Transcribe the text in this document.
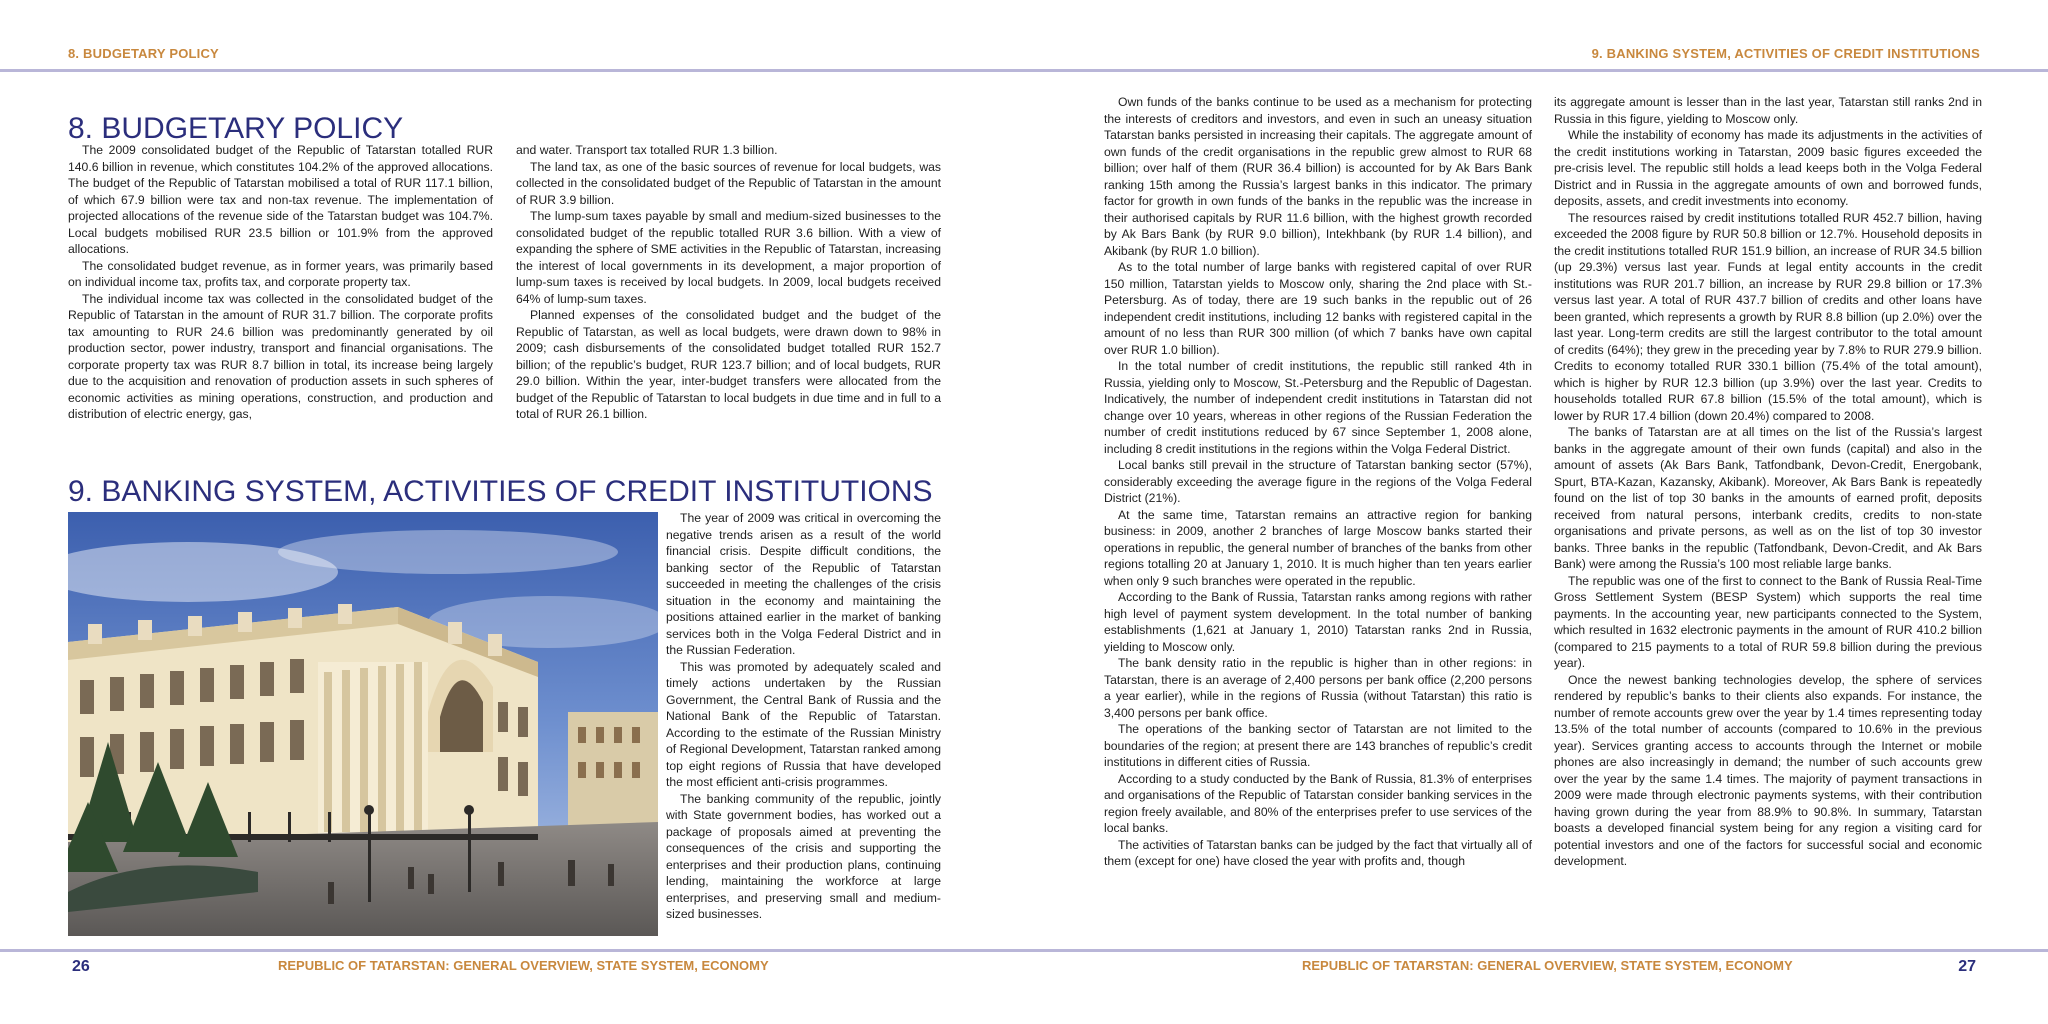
8. BUDGETARY POLICY	9. BANKING SYSTEM, ACTIVITIES OF CREDIT INSTITUTIONS
8. BUDGETARY POLICY

The 2009 consolidated budget of the Republic of Tatarstan totalled RUR 140.6 billion in revenue, which constitutes 104.2% of the approved allocations. The budget of the Republic of Tatarstan mobilised a total of RUR 117.1 billion, of which 67.9 billion were tax and non-tax revenue. The implementation of projected allocations of the revenue side of the Tatarstan budget was 104.7%. Local budgets mobilised RUR 23.5 billion or 101.9% from the approved allocations.

The consolidated budget revenue, as in former years, was primarily based on individual income tax, profits tax, and corporate property tax.

The individual income tax was collected in the consolidated budget of the Republic of Tatarstan in the amount of RUR 31.7 billion. The corporate profits tax amounting to RUR 24.6 billion was predominantly generated by oil production sector, power industry, transport and financial organisations. The corporate property tax was RUR 8.7 billion in total, its increase being largely due to the acquisition and renovation of production assets in such spheres of economic activities as mining operations, construction, and production and distribution of electric energy, gas,

and water. Transport tax totalled RUR 1.3 billion.

The land tax, as one of the basic sources of revenue for local budgets, was collected in the consolidated budget of the Republic of Tatarstan in the amount of RUR 3.9 billion.

The lump-sum taxes payable by small and medium-sized businesses to the consolidated budget of the republic totalled RUR 3.6 billion. With a view of expanding the sphere of SME activities in the Republic of Tatarstan, increasing the interest of local governments in its development, a major proportion of lump-sum taxes is received by local budgets. In 2009, local budgets received 64% of lump-sum taxes.

Planned expenses of the consolidated budget and the budget of the Republic of Tatarstan, as well as local budgets, were drawn down to 98% in 2009; cash disbursements of the consolidated budget totalled RUR 152.7 billion; of the republic’s budget, RUR 123.7 billion; and of local budgets, RUR 29.0 billion. Within the year, inter-budget transfers were allocated from the budget of the Republic of Tatarstan to local budgets in due time and in full to a total of RUR 26.1 billion.

9. BANKING SYSTEM, ACTIVITIES OF CREDIT INSTITUTIONS

The year of 2009 was critical in overcoming the negative trends arisen as a result of the world financial crisis. Despite difficult conditions, the banking sector of the Republic of Tatarstan succeeded in meeting the challenges of the crisis situation in the economy and maintaining the positions attained earlier in the market of banking services both in the Volga Federal District and in the Russian Federation.

This was promoted by adequately scaled and timely actions undertaken by the Russian Government, the Central Bank of Russia and the National Bank of the Republic of Tatarstan. According to the estimate of the Russian Ministry of Regional Development, Tatarstan ranked among top eight regions of Russia that have developed the most efficient anti-crisis programmes.

The banking community of the republic, jointly with State government bodies, has worked out a package of proposals aimed at preventing the consequences of the crisis and supporting the enterprises and their production plans, continuing lending, maintaining the workforce at large enterprises, and preserving small and medium-sized businesses.

Own funds of the banks continue to be used as a mechanism for protecting the interests of creditors and investors, and even in such an uneasy situation Tatarstan banks persisted in increasing their capitals. The aggregate amount of own funds of the credit organisations in the republic grew almost to RUR 68 billion; over half of them (RUR 36.4 billion) is accounted for by Ak Bars Bank ranking 15th among the Russia’s largest banks in this indicator. The primary factor for growth in own funds of the banks in the republic was the increase in their authorised capitals by RUR 11.6 billion, with the highest growth recorded by Ak Bars Bank (by RUR 9.0 billion), Intekhbank (by RUR 1.4 billion), and Akibank (by RUR 1.0 billion).

As to the total number of large banks with registered capital of over RUR 150 million, Tatarstan yields to Moscow only, sharing the 2nd place with St.-Petersburg. As of today, there are 19 such banks in the republic out of 26 independent credit institutions, including 12 banks with registered capital in the amount of no less than RUR 300 million (of which 7 banks have own capital over RUR 1.0 billion).

In the total number of credit institutions, the republic still ranked 4th in Russia, yielding only to Moscow, St.-Petersburg and the Republic of Dagestan. Indicatively, the number of independent credit institutions in Tatarstan did not change over 10 years, whereas in other regions of the Russian Federation the number of credit institutions reduced by 67 since September 1, 2008 alone, including 8 credit institutions in the regions within the Volga Federal District.

Local banks still prevail in the structure of Tatarstan banking sector (57%), considerably exceeding the average figure in the regions of the Volga Federal District (21%).

At the same time, Tatarstan remains an attractive region for banking business: in 2009, another 2 branches of large Moscow banks started their operations in republic, the general number of branches of the banks from other regions totalling 20 at January 1, 2010. It is much higher than ten years earlier when only 9 such branches were operated in the republic.

According to the Bank of Russia, Tatarstan ranks among regions with rather high level of payment system development. In the total number of banking establishments (1,621 at January 1, 2010) Tatarstan ranks 2nd in Russia, yielding to Moscow only.

The bank density ratio in the republic is higher than in other regions: in Tatarstan, there is an average of 2,400 persons per bank office (2,200 persons a year earlier), while in the regions of Russia (without Tatarstan) this ratio is 3,400 persons per bank office.

The operations of the banking sector of Tatarstan are not limited to the boundaries of the region; at present there are 143 branches of republic’s credit institutions in different cities of Russia.

According to a study conducted by the Bank of Russia, 81.3% of enterprises and organisations of the Republic of Tatarstan consider banking services in the region freely available, and 80% of the enterprises prefer to use services of the local banks.

The activities of Tatarstan banks can be judged by the fact that virtually all of them (except for one) have closed the year with profits and, though

its aggregate amount is lesser than in the last year, Tatarstan still ranks 2nd in Russia in this figure, yielding to Moscow only.

While the instability of economy has made its adjustments in the activities of the credit institutions working in Tatarstan, 2009 basic figures exceeded the pre-crisis level. The republic still holds a lead keeps both in the Volga Federal District and in Russia in the aggregate amounts of own and borrowed funds, deposits, assets, and credit investments into economy.

The resources raised by credit institutions totalled RUR 452.7 billion, having exceeded the 2008 figure by RUR 50.8 billion or 12.7%. Household deposits in the credit institutions totalled RUR 151.9 billion, an increase of RUR 34.5 billion (up 29.3%) versus last year. Funds at legal entity accounts in the credit institutions was RUR 201.7 billion, an increase by RUR 29.8 billion or 17.3% versus last year. A total of RUR 437.7 billion of credits and other loans have been granted, which represents a growth by RUR 8.8 billion (up 2.0%) over the last year. Long-term credits are still the largest contributor to the total amount of credits (64%); they grew in the preceding year by 7.8% to RUR 279.9 billion. Credits to economy totalled RUR 330.1 billion (75.4% of the total amount), which is higher by RUR 12.3 billion (up 3.9%) over the last year. Credits to households totalled RUR 67.8 billion (15.5% of the total amount), which is lower by RUR 17.4 billion (down 20.4%) compared to 2008.

The banks of Tatarstan are at all times on the list of the Russia’s largest banks in the aggregate amount of their own funds (capital) and also in the amount of assets (Ak Bars Bank, Tatfondbank, Devon-Credit, Energobank, Spurt, BTA-Kazan, Kazansky, Akibank). Moreover, Ak Bars Bank is repeatedly found on the list of top 30 banks in the amounts of earned profit, deposits received from natural persons, interbank credits, credits to non-state organisations and private persons, as well as on the list of top 30 investor banks. Three banks in the republic (Tatfondbank, Devon-Credit, and Ak Bars Bank) were among the Russia’s 100 most reliable large banks.

The republic was one of the first to connect to the Bank of Russia Real-Time Gross Settlement System (BESP System) which supports the real time payments. In the accounting year, new participants connected to the System, which resulted in 1632 electronic payments in the amount of RUR 410.2 billion (compared to 215 payments to a total of RUR 59.8 billion during the previous year).

Once the newest banking technologies develop, the sphere of services rendered by republic’s banks to their clients also expands. For instance, the number of remote accounts grew over the year by 1.4 times representing today 13.5% of the total number of accounts (compared to 10.6% in the previous year). Services granting access to accounts through the Internet or mobile phones are also increasingly in demand; the number of such accounts grew over the year by the same 1.4 times. The majority of payment transactions in 2009 were made through electronic payments systems, with their contribution having grown during the year from 88.9% to 90.8%. In summary, Tatarstan boasts a developed financial system being for any region a visiting card for potential investors and one of the factors for successful social and economic development.

26	REPUBLIC OF TATARSTAN: GENERAL OVERVIEW, STATE SYSTEM, ECONOMY	REPUBLIC OF TATARSTAN: GENERAL OVERVIEW, STATE SYSTEM, ECONOMY	27
